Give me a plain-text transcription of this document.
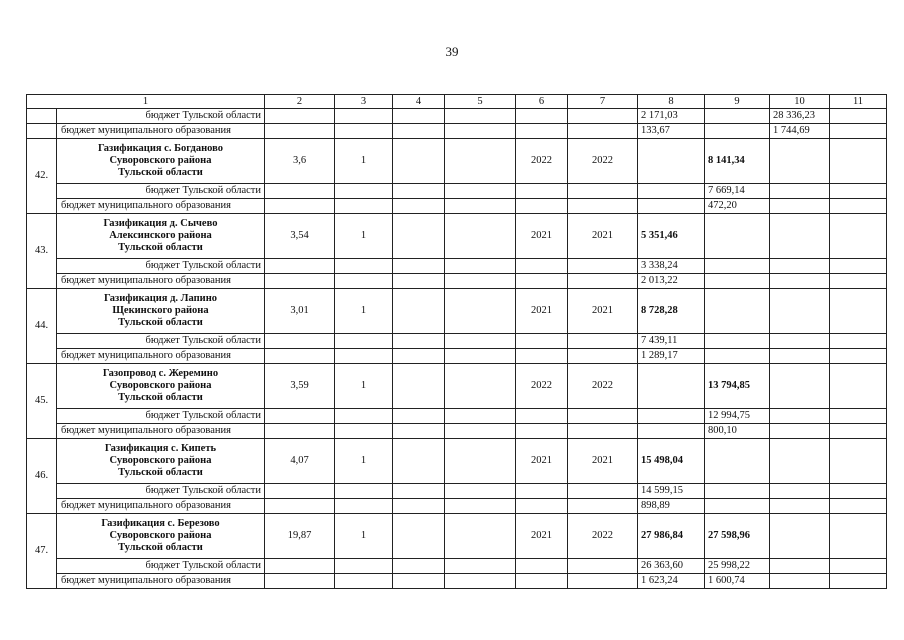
39
1		2	3	4	5	6	7	8	9	10	11
	бюджет Тульской области							2 171,03		28 336,23	
	бюджет муниципального образования							133,67		1 744,69	
42.	Газификация с. Богданово
Суворовского района
Тульской области	3,6	1			2022	2022		8 141,34		
	бюджет Тульской области								7 669,14		
	бюджет муниципального образования								472,20		
43.	Газификация д. Сычево
Алексинского района
Тульской области	3,54	1			2021	2021	5 351,46			
	бюджет Тульской области							3 338,24			
	бюджет муниципального образования							2 013,22			
44.	Газификация д. Лапино
Щекинского района
Тульской области	3,01	1			2021	2021	8 728,28			
	бюджет Тульской области							7 439,11			
	бюджет муниципального образования							1 289,17			
45.	Газопровод с. Жеремино
Суворовского района
Тульской области	3,59	1			2022	2022		13 794,85		
	бюджет Тульской области								12 994,75		
	бюджет муниципального образования								800,10		
46.	Газификация с. Кипеть
Суворовского района
Тульской области	4,07	1			2021	2021	15 498,04			
	бюджет Тульской области							14 599,15			
	бюджет муниципального образования							898,89			
47.	Газификация с. Березово
Суворовского района
Тульской области	19,87	1			2021	2022	27 986,84	27 598,96		
	бюджет Тульской области							26 363,60	25 998,22		
	бюджет муниципального образования							1 623,24	1 600,74		
